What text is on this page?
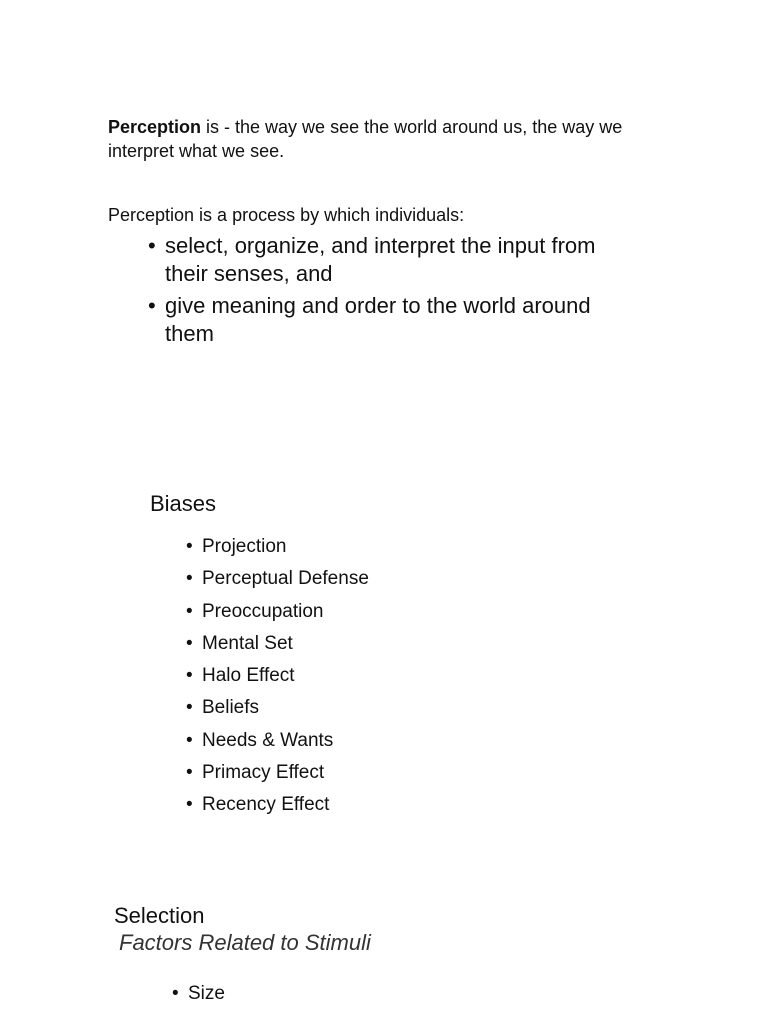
Perception is - the way we see the world around us, the way we interpret what we see.

Perception is a process by which individuals:

• select, organize, and interpret the input from their senses, and
• give meaning and order to the world around them
Biases
• Projection
• Perceptual Defense
• Preoccupation
• Mental Set
• Halo Effect
• Beliefs
• Needs & Wants
• Primacy Effect
• Recency Effect
Selection

Factors Related to Stimuli

• Size
